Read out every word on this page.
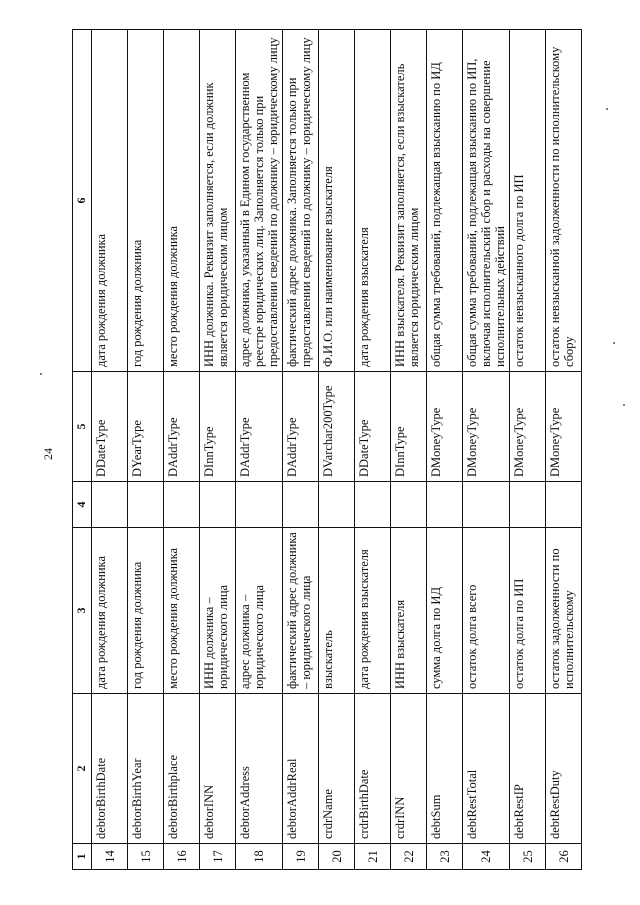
24
1	2	3	4	5	6
14	debtorBirthDate	дата рождения должника		DDateType	дата рождения должника
15	debtorBirthYear	год рождения должника		DYearType	год рождения должника
16	debtorBirthplace	место рождения должника		DAddrType	место рождения должника
17	debtorINN	ИНН должника – юридического лица		DInnType	ИНН должника. Реквизит заполняется, если должник является юридическим лицом
18	debtorAddress	адрес должника – юридического лица		DAddrType	адрес должника, указанный в Едином государственном реестре юридических лиц. Заполняется только при предоставлении сведений по должнику – юридическому лицу
19	debtorAddrReal	фактический адрес должника – юридического лица		DAddrType	фактический адрес должника. Заполняется только при предоставлении сведений по должнику – юридическому лицу
20	crdrName	взыскатель		DVarchar200Type	Ф.И.О. или наименование взыскателя
21	crdrBirthDate	дата рождения взыскателя		DDateType	дата рождения взыскателя
22	crdrINN	ИНН взыскателя		DInnType	ИНН взыскателя. Реквизит заполняется, если взыскатель является юридическим лицом
23	debtSum	сумма долга по ИД		DMoneyType	общая сумма требований, подлежащая взысканию по ИД
24	debtRestTotal	остаток долга всего		DMoneyType	общая сумма требований, подлежащая взысканию по ИП, включая исполнительский сбор и расходы на совершение исполнительных действий
25	debtRestIP	остаток долга по ИП		DMoneyType	остаток невзысканного долга по ИП
26	debtRestDuty	остаток задолженности по исполнительскому		DMoneyType	остаток невзысканной задолженности по исполнительскому сбору
